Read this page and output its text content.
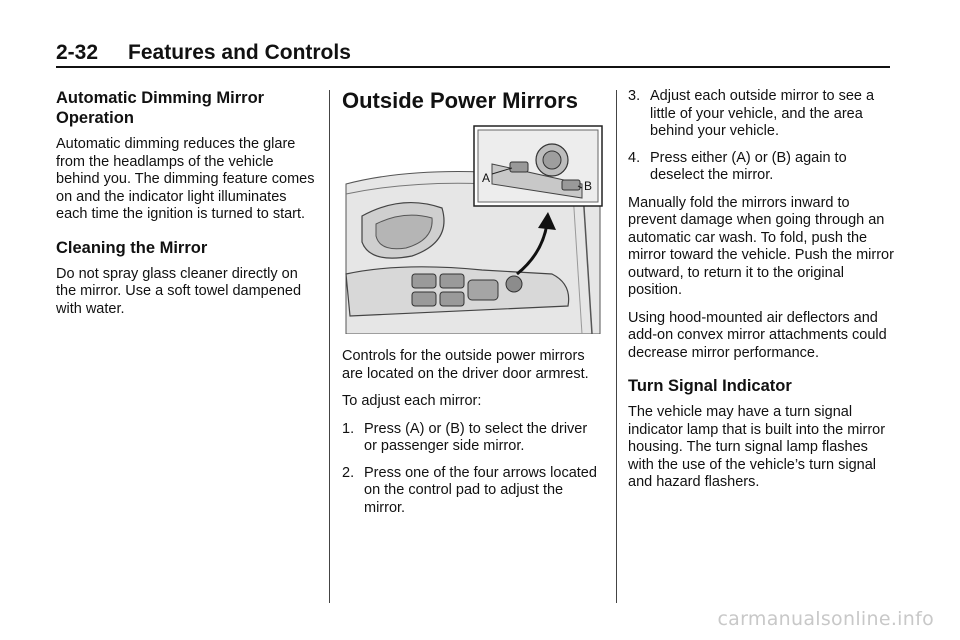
2-32 Features and Controls
Automatic Dimming Mirror Operation

Automatic dimming reduces the glare from the headlamps of the vehicle behind you. The dimming feature comes on and the indicator light illuminates each time the ignition is turned to start.

Cleaning the Mirror

Do not spray glass cleaner directly on the mirror. Use a soft towel dampened with water.

Outside Power Mirrors
A
B

Controls for the outside power mirrors are located on the driver door armrest.

To adjust each mirror:

1. Press (A) or (B) to select the driver or passenger side mirror.
2. Press one of the four arrows located on the control pad to adjust the mirror.
3. Adjust each outside mirror to see a little of your vehicle, and the area behind your vehicle.
4. Press either (A) or (B) again to deselect the mirror.

Manually fold the mirrors inward to prevent damage when going through an automatic car wash. To fold, push the mirror toward the vehicle. Push the mirror outward, to return it to the original position.

Using hood-mounted air deflectors and add-on convex mirror attachments could decrease mirror performance.

Turn Signal Indicator

The vehicle may have a turn signal indicator lamp that is built into the mirror housing. The turn signal lamp flashes with the use of the vehicle’s turn signal and hazard flashers.

carmanualsonline.info
